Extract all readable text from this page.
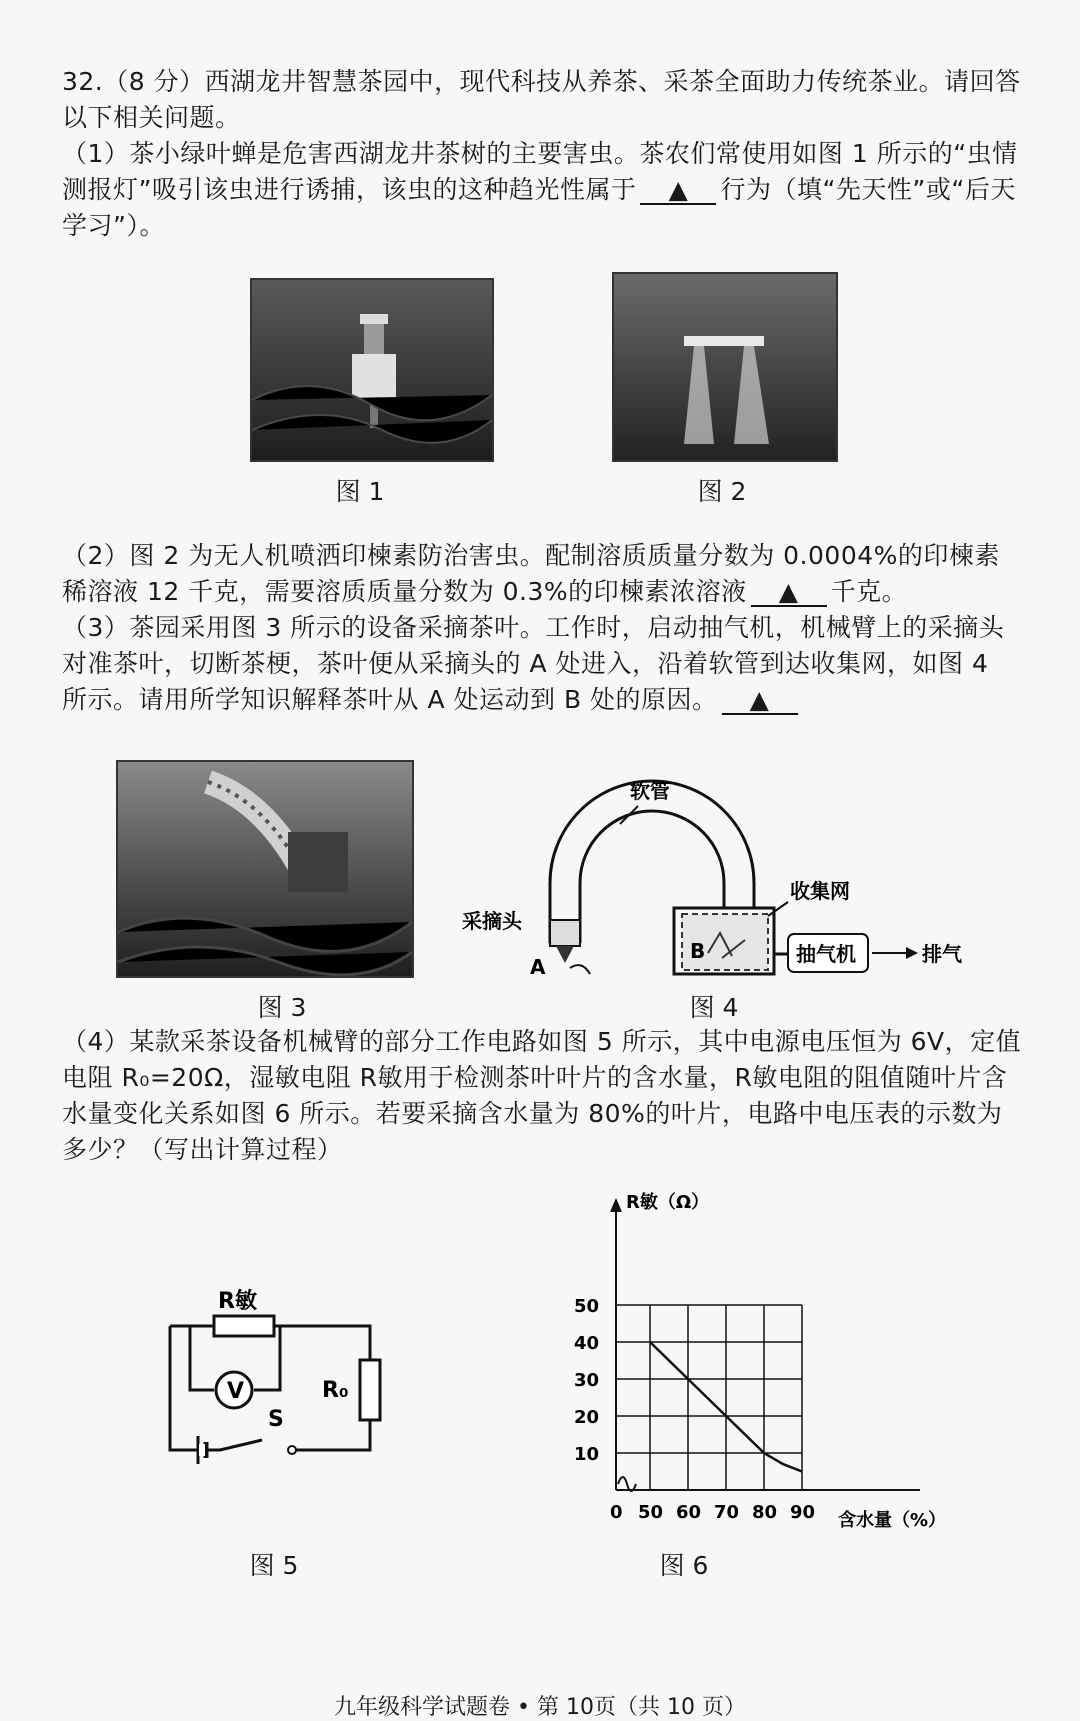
32.（8 分）西湖龙井智慧茶园中，现代科技从养茶、采茶全面助力传统茶业。请回答以下相关问题。
（1）茶小绿叶蝉是危害西湖龙井茶树的主要害虫。茶农们常使用如图 1 所示的“虫情测报灯”吸引该虫进行诱捕，该虫的这种趋光性属于 ▲ 行为（填“先天性”或“后天学习”）。
图 1	图 2
（2）图 2 为无人机喷洒印楝素防治害虫。配制溶质质量分数为 0.0004%的印楝素稀溶液 12 千克，需要溶质质量分数为 0.3%的印楝素浓溶液 ▲ 千克。
（3）茶园采用图 3 所示的设备采摘茶叶。工作时，启动抽气机，机械臂上的采摘头对准茶叶，切断茶梗，茶叶便从采摘头的 A 处进入，沿着软管到达收集网，如图 4 所示。请用所学知识解释茶叶从 A 处运动到 B 处的原因。 ▲
软管
采摘头
A
B
收集网
抽气机	排气
图 3	图 4
（4）某款采茶设备机械臂的部分工作电路如图 5 所示，其中电源电压恒为 6V，定值电阻 R₀=20Ω，湿敏电阻 R敏用于检测茶叶叶片的含水量，R敏电阻的阻值随叶片含水量变化关系如图 6 所示。若要采摘含水量为 80%的叶片，电路中电压表的示数为多少？（写出计算过程）
R敏
R₀
V
S
图 5
R敏（Ω）
含水量（%）
10
20
30
40
50
0 50 60 70 80 90
图 6
九年级科学试题卷 • 第 10页（共 10 页）
